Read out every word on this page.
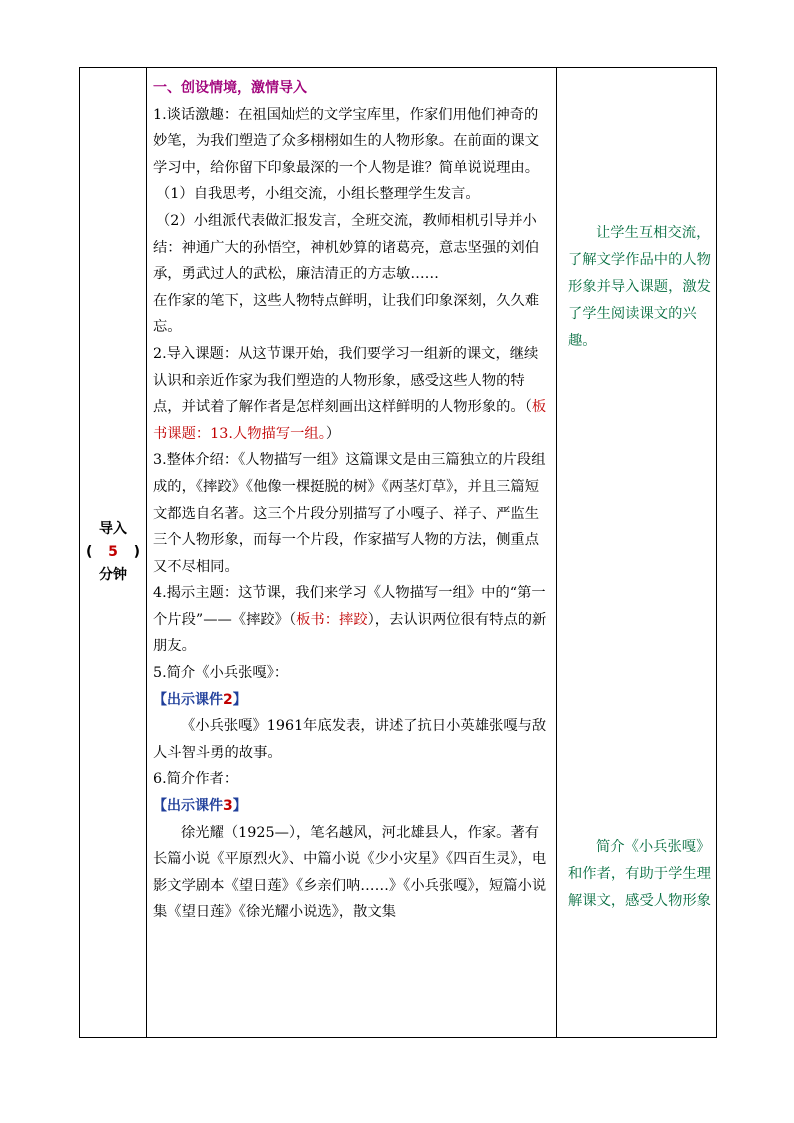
导入
( 5 )
分钟

一、创设情境，激情导入

1.谈话激趣：在祖国灿烂的文学宝库里，作家们用他们神奇的妙笔，为我们塑造了众多栩栩如生的人物形象。在前面的课文学习中，给你留下印象最深的一个人物是谁？简单说说理由。

（1）自我思考，小组交流，小组长整理学生发言。

（2）小组派代表做汇报发言，全班交流，教师相机引导并小结：神通广大的孙悟空，神机妙算的诸葛亮，意志坚强的刘伯承，勇武过人的武松，廉洁清正的方志敏……

在作家的笔下，这些人物特点鲜明，让我们印象深刻，久久难忘。

2.导入课题：从这节课开始，我们要学习一组新的课文，继续认识和亲近作家为我们塑造的人物形象，感受这些人物的特点，并试着了解作者是怎样刻画出这样鲜明的人物形象的。（板书课题：13.人物描写一组。）

3.整体介绍：《人物描写一组》这篇课文是由三篇独立的片段组成的，《摔跤》《他像一棵挺脱的树》《两茎灯草》，并且三篇短文都选自名著。这三个片段分别描写了小嘎子、祥子、严监生三个人物形象，而每一个片段，作家描写人物的方法，侧重点又不尽相同。

4.揭示主题：这节课，我们来学习《人物描写一组》中的“第一个片段”——《摔跤》（板书：摔跤），去认识两位很有特点的新朋友。

5.简介《小兵张嘎》：

【出示课件2】

《小兵张嘎》1961年底发表，讲述了抗日小英雄张嘎与敌人斗智斗勇的故事。

6.简介作者：

【出示课件3】

徐光耀（1925—），笔名越风，河北雄县人，作家。著有长篇小说《平原烈火》、中篇小说《少小灾星》《四百生灵》，电影文学剧本《望日莲》《乡亲们呐……》《小兵张嘎》，短篇小说集《望日莲》《徐光耀小说选》，散文集

让学生互相交流，了解文学作品中的人物形象并导入课题，激发了学生阅读课文的兴趣。

简介《小兵张嘎》和作者，有助于学生理解课文，感受人物形象
